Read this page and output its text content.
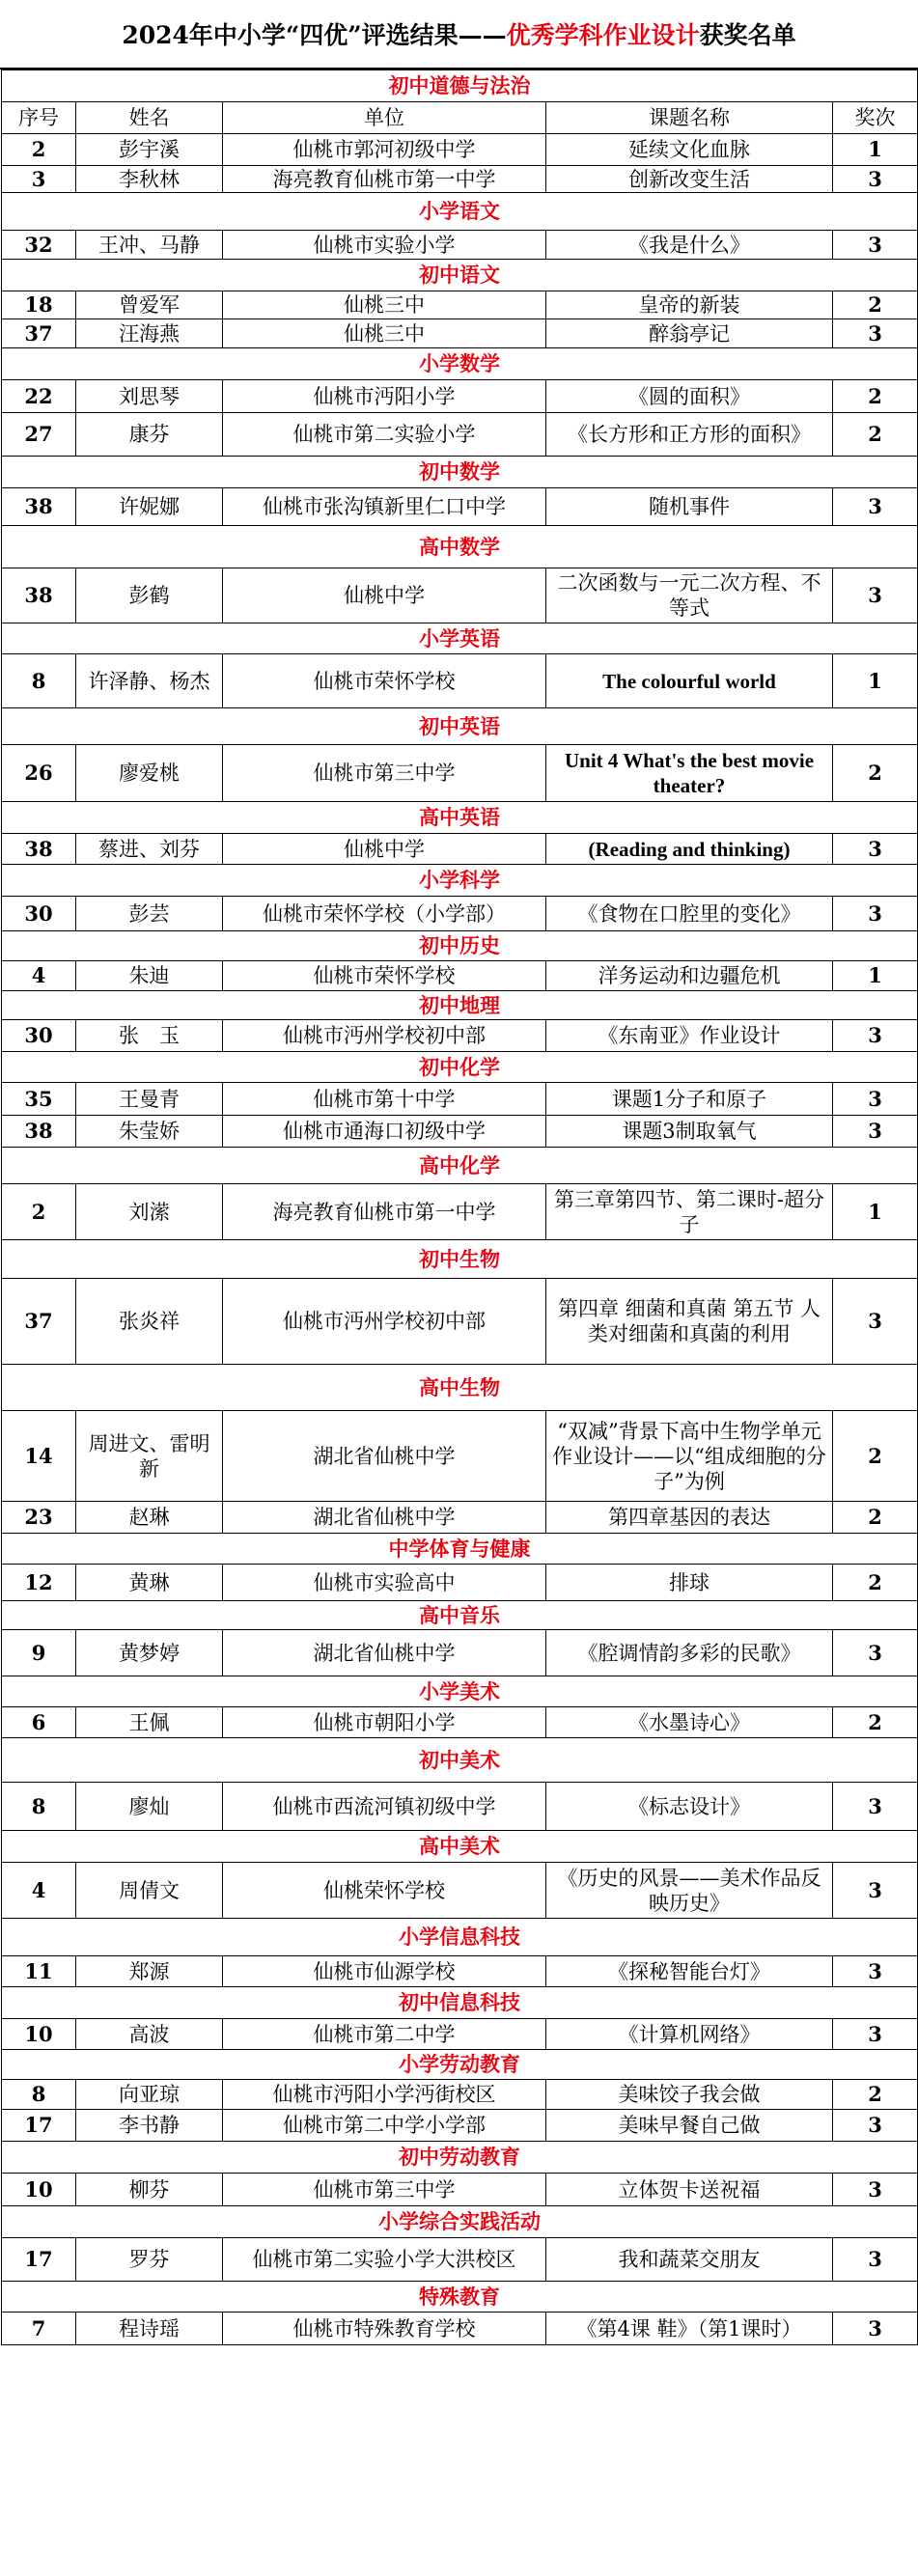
2024年中小学“四优”评选结果—— 优秀学科作业设计 获奖名单
初中道德与法治				
序号	姓名	单位	课题名称	奖次
2	彭宇溪	仙桃市郭河初级中学	延续文化血脉	1
3	李秋林	海亮教育仙桃市第一中学	创新改变生活	3
小学语文				
32	王冲、马静	仙桃市实验小学	《我是什么》	3
初中语文				
18	曾爱军	仙桃三中	皇帝的新装	2
37	汪海燕	仙桃三中	醉翁亭记	3
小学数学				
22	刘思琴	仙桃市沔阳小学	《圆的面积》	2
27	康芬	仙桃市第二实验小学	《长方形和正方形的面积》	2
初中数学				
38	许妮娜	仙桃市张沟镇新里仁口中学	随机事件	3
高中数学				
38	彭鹤	仙桃中学	二次函数与一元二次方程、不等式	3
小学英语				
8	许泽静、杨杰	仙桃市荣怀学校	The colourful world	1
初中英语				
26	廖爱桃	仙桃市第三中学	Unit 4 What's the best movie theater?	2
高中英语				
38	蔡进、刘芬	仙桃中学	(Reading and thinking)	3
小学科学				
30	彭芸	仙桃市荣怀学校（小学部）	《食物在口腔里的变化》	3
初中历史				
4	朱迪	仙桃市荣怀学校	洋务运动和边疆危机	1
初中地理				
30	张　玉	仙桃市沔州学校初中部	《东南亚》作业设计	3
初中化学				
35	王曼青	仙桃市第十中学	课题1分子和原子	3
38	朱莹娇	仙桃市通海口初级中学	课题3制取氧气	3
高中化学				
2	刘潆	海亮教育仙桃市第一中学	第三章第四节、第二课时-超分子	1
初中生物				
37	张炎祥	仙桃市沔州学校初中部	第四章 细菌和真菌 第五节 人类对细菌和真菌的利用	3
高中生物				
14	周进文、雷明新	湖北省仙桃中学	“双减”背景下高中生物学单元作业设计——以“组成细胞的分子”为例	2
23	赵琳	湖北省仙桃中学	第四章基因的表达	2
中学体育与健康				
12	黄琳	仙桃市实验高中	排球	2
高中音乐				
9	黄梦婷	湖北省仙桃中学	《腔调情韵多彩的民歌》	3
小学美术				
6	王佩	仙桃市朝阳小学	《水墨诗心》	2
初中美术				
8	廖灿	仙桃市西流河镇初级中学	《标志设计》	3
高中美术				
4	周倩文	仙桃荣怀学校	《历史的风景——美术作品反映历史》	3
小学信息科技				
11	郑源	仙桃市仙源学校	《探秘智能台灯》	3
初中信息科技				
10	高波	仙桃市第二中学	《计算机网络》	3
小学劳动教育				
8	向亚琼	仙桃市沔阳小学沔街校区	美味饺子我会做	2
17	李书静	仙桃市第二中学小学部	美味早餐自己做	3
初中劳动教育				
10	柳芬	仙桃市第三中学	立体贺卡送祝福	3
小学综合实践活动				
17	罗芬	仙桃市第二实验小学大洪校区	我和蔬菜交朋友	3
特殊教育				
7	程诗瑶	仙桃市特殊教育学校	《第4课 鞋》（第1课时）	3
